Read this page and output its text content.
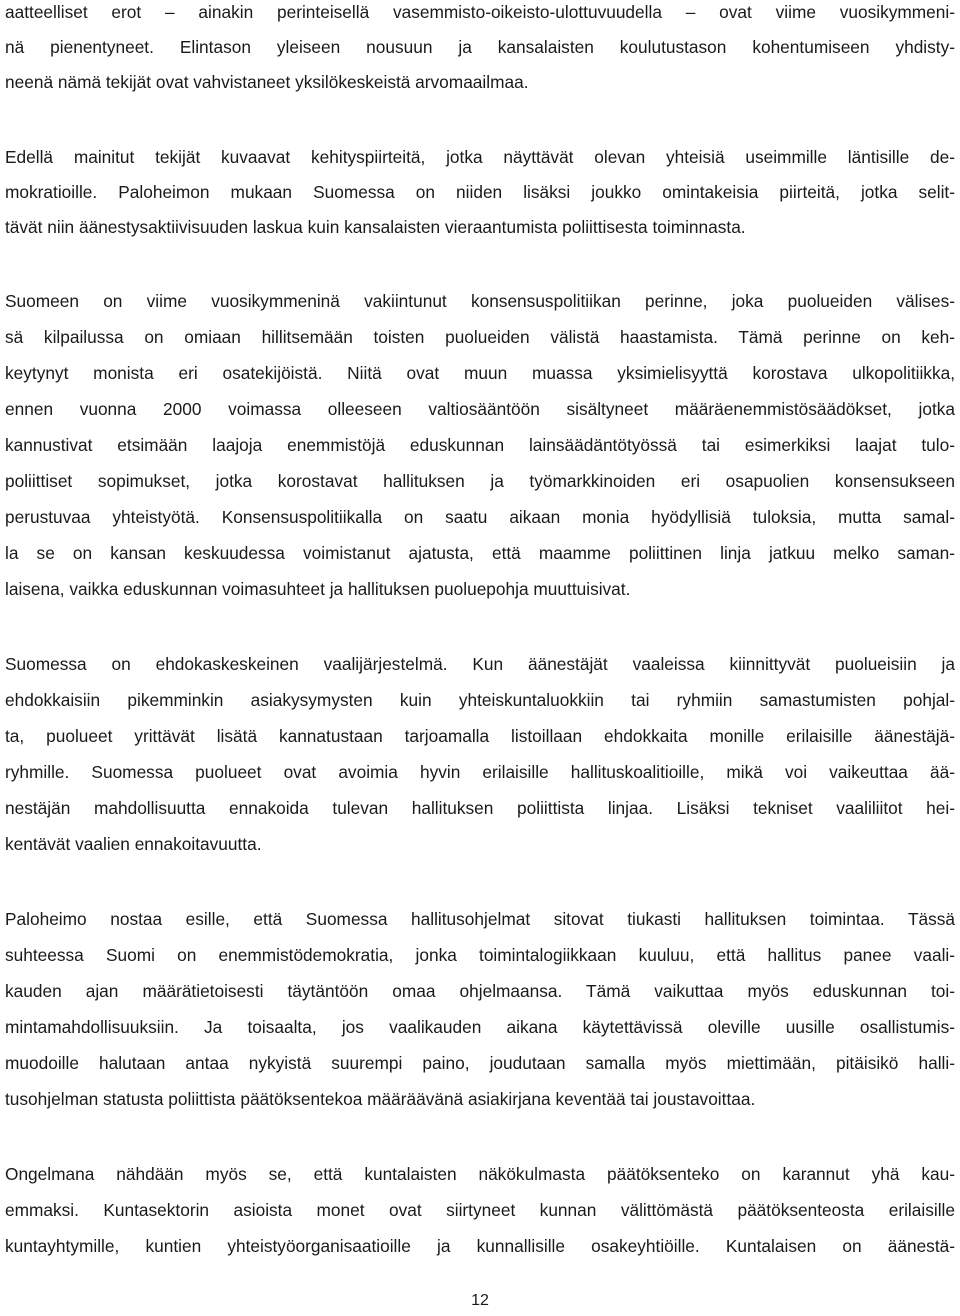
aatteelliset erot – ainakin perinteisellä vasemmisto-oikeisto-ulottuvuudella – ovat viime vuosikymmeni-
nä pienentyneet. Elintason yleiseen nousuun ja kansalaisten koulutustason kohentumiseen yhdisty-
neenä nämä tekijät ovat vahvistaneet yksilökeskeistä arvomaailmaa.
Edellä mainitut tekijät kuvaavat kehityspiirteitä, jotka näyttävät olevan yhteisiä useimmille läntisille de-
mokratioille. Paloheimon mukaan Suomessa on niiden lisäksi joukko omintakeisia piirteitä, jotka selit-
tävät niin äänestysaktiivisuuden laskua kuin kansalaisten vieraantumista poliittisesta toiminnasta.
Suomeen on viime vuosikymmeninä vakiintunut konsensuspolitiikan perinne, joka puolueiden välises-
sä kilpailussa on omiaan hillitsemään toisten puolueiden välistä haastamista. Tämä perinne on keh-
keytynyt monista eri osatekijöistä. Niitä ovat muun muassa yksimielisyyttä korostava ulkopolitiikka,
ennen vuonna 2000 voimassa olleeseen valtiosääntöön sisältyneet määräenemmistösäädökset, jotka
kannustivat etsimään laajoja enemmistöjä eduskunnan lainsäädäntötyössä tai esimerkiksi laajat tulo-
poliittiset sopimukset, jotka korostavat hallituksen ja työmarkkinoiden eri osapuolien konsensukseen
perustuvaa yhteistyötä. Konsensuspolitiikalla on saatu aikaan monia hyödyllisiä tuloksia, mutta samal-
la se on kansan keskuudessa voimistanut ajatusta, että maamme poliittinen linja jatkuu melko saman-
laisena, vaikka eduskunnan voimasuhteet ja hallituksen puoluepohja muuttuisivat.
Suomessa on ehdokaskeskeinen vaalijärjestelmä. Kun äänestäjät vaaleissa kiinnittyvät puolueisiin ja
ehdokkaisiin pikemminkin asiakysymysten kuin yhteiskuntaluokkiin tai ryhmiin samastumisten pohjal-
ta, puolueet yrittävät lisätä kannatustaan tarjoamalla listoillaan ehdokkaita monille erilaisille äänestäjä-
ryhmille. Suomessa puolueet ovat avoimia hyvin erilaisille hallituskoalitioille, mikä voi vaikeuttaa ää-
nestäjän mahdollisuutta ennakoida tulevan hallituksen poliittista linjaa. Lisäksi tekniset vaaliliitot hei-
kentävät vaalien ennakoitavuutta.
Paloheimo nostaa esille, että Suomessa hallitusohjelmat sitovat tiukasti hallituksen toimintaa. Tässä
suhteessa Suomi on enemmistödemokratia, jonka toimintalogiikkaan kuuluu, että hallitus panee vaali-
kauden ajan määrätietoisesti täytäntöön omaa ohjelmaansa. Tämä vaikuttaa myös eduskunnan toi-
mintamahdollisuuksiin. Ja toisaalta, jos vaalikauden aikana käytettävissä oleville uusille osallistumis-
muodoille halutaan antaa nykyistä suurempi paino, joudutaan samalla myös miettimään, pitäisikö halli-
tusohjelman statusta poliittista päätöksentekoa määräävänä asiakirjana keventää tai joustavoittaa.
Ongelmana nähdään myös se, että kuntalaisten näkökulmasta päätöksenteko on karannut yhä kau-
emmaksi. Kuntasektorin asioista monet ovat siirtyneet kunnan välittömästä päätöksenteosta erilaisille
kuntayhtymille, kuntien yhteistyöorganisaatioille ja kunnallisille osakeyhtiöille. Kuntalaisen on äänestä-
12
